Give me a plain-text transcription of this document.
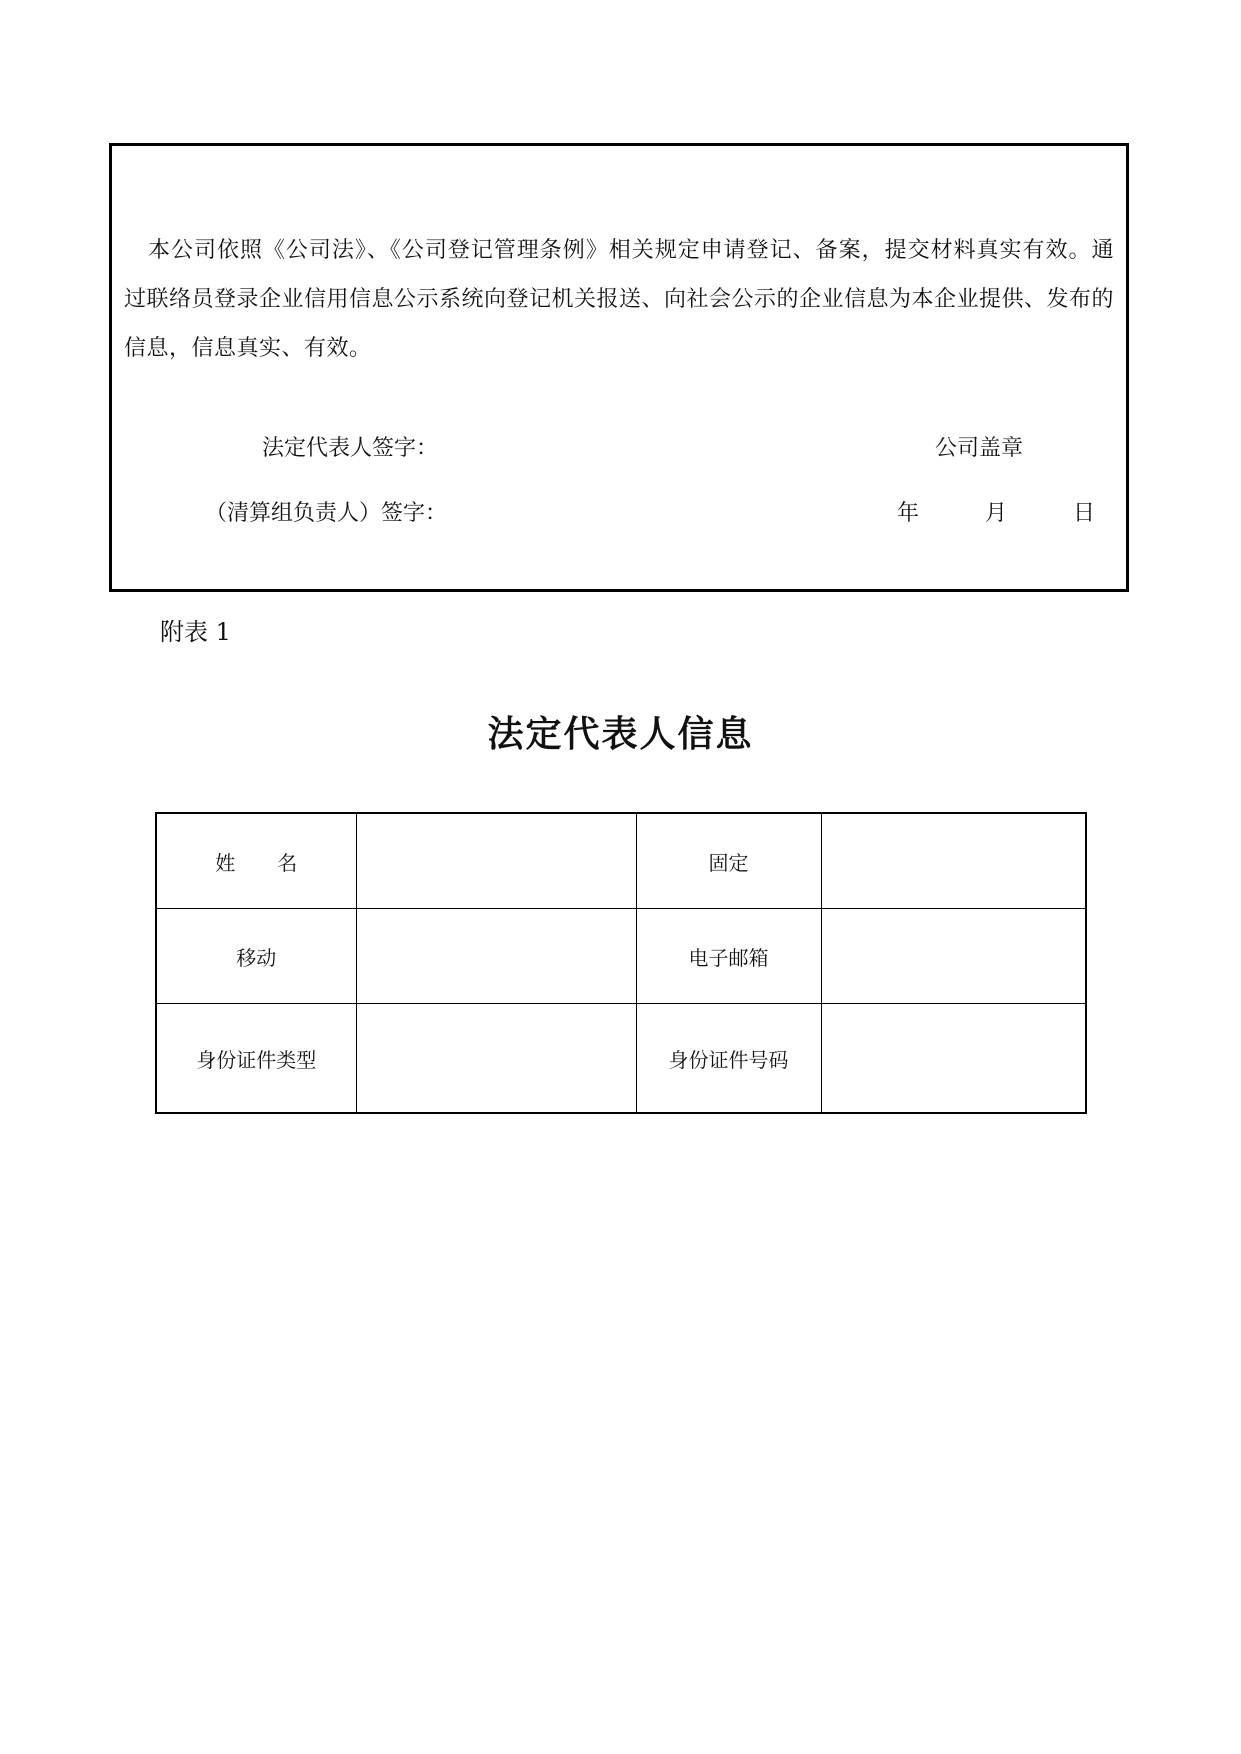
本公司依照《公司法》、《公司登记管理条例》相关规定申请登记、备案，提交材料真实有效。通过联络员登录企业信用信息公示系统向登记机关报送、向社会公示的企业信息为本企业提供、发布的信息，信息真实、有效。

法定代表人签字：	公司盖章
（清算组负责人）签字：	年	月	日
附表 1
法定代表人信息
姓名		固定	
移动		电子邮箱	
身份证件类型		身份证件号码	
